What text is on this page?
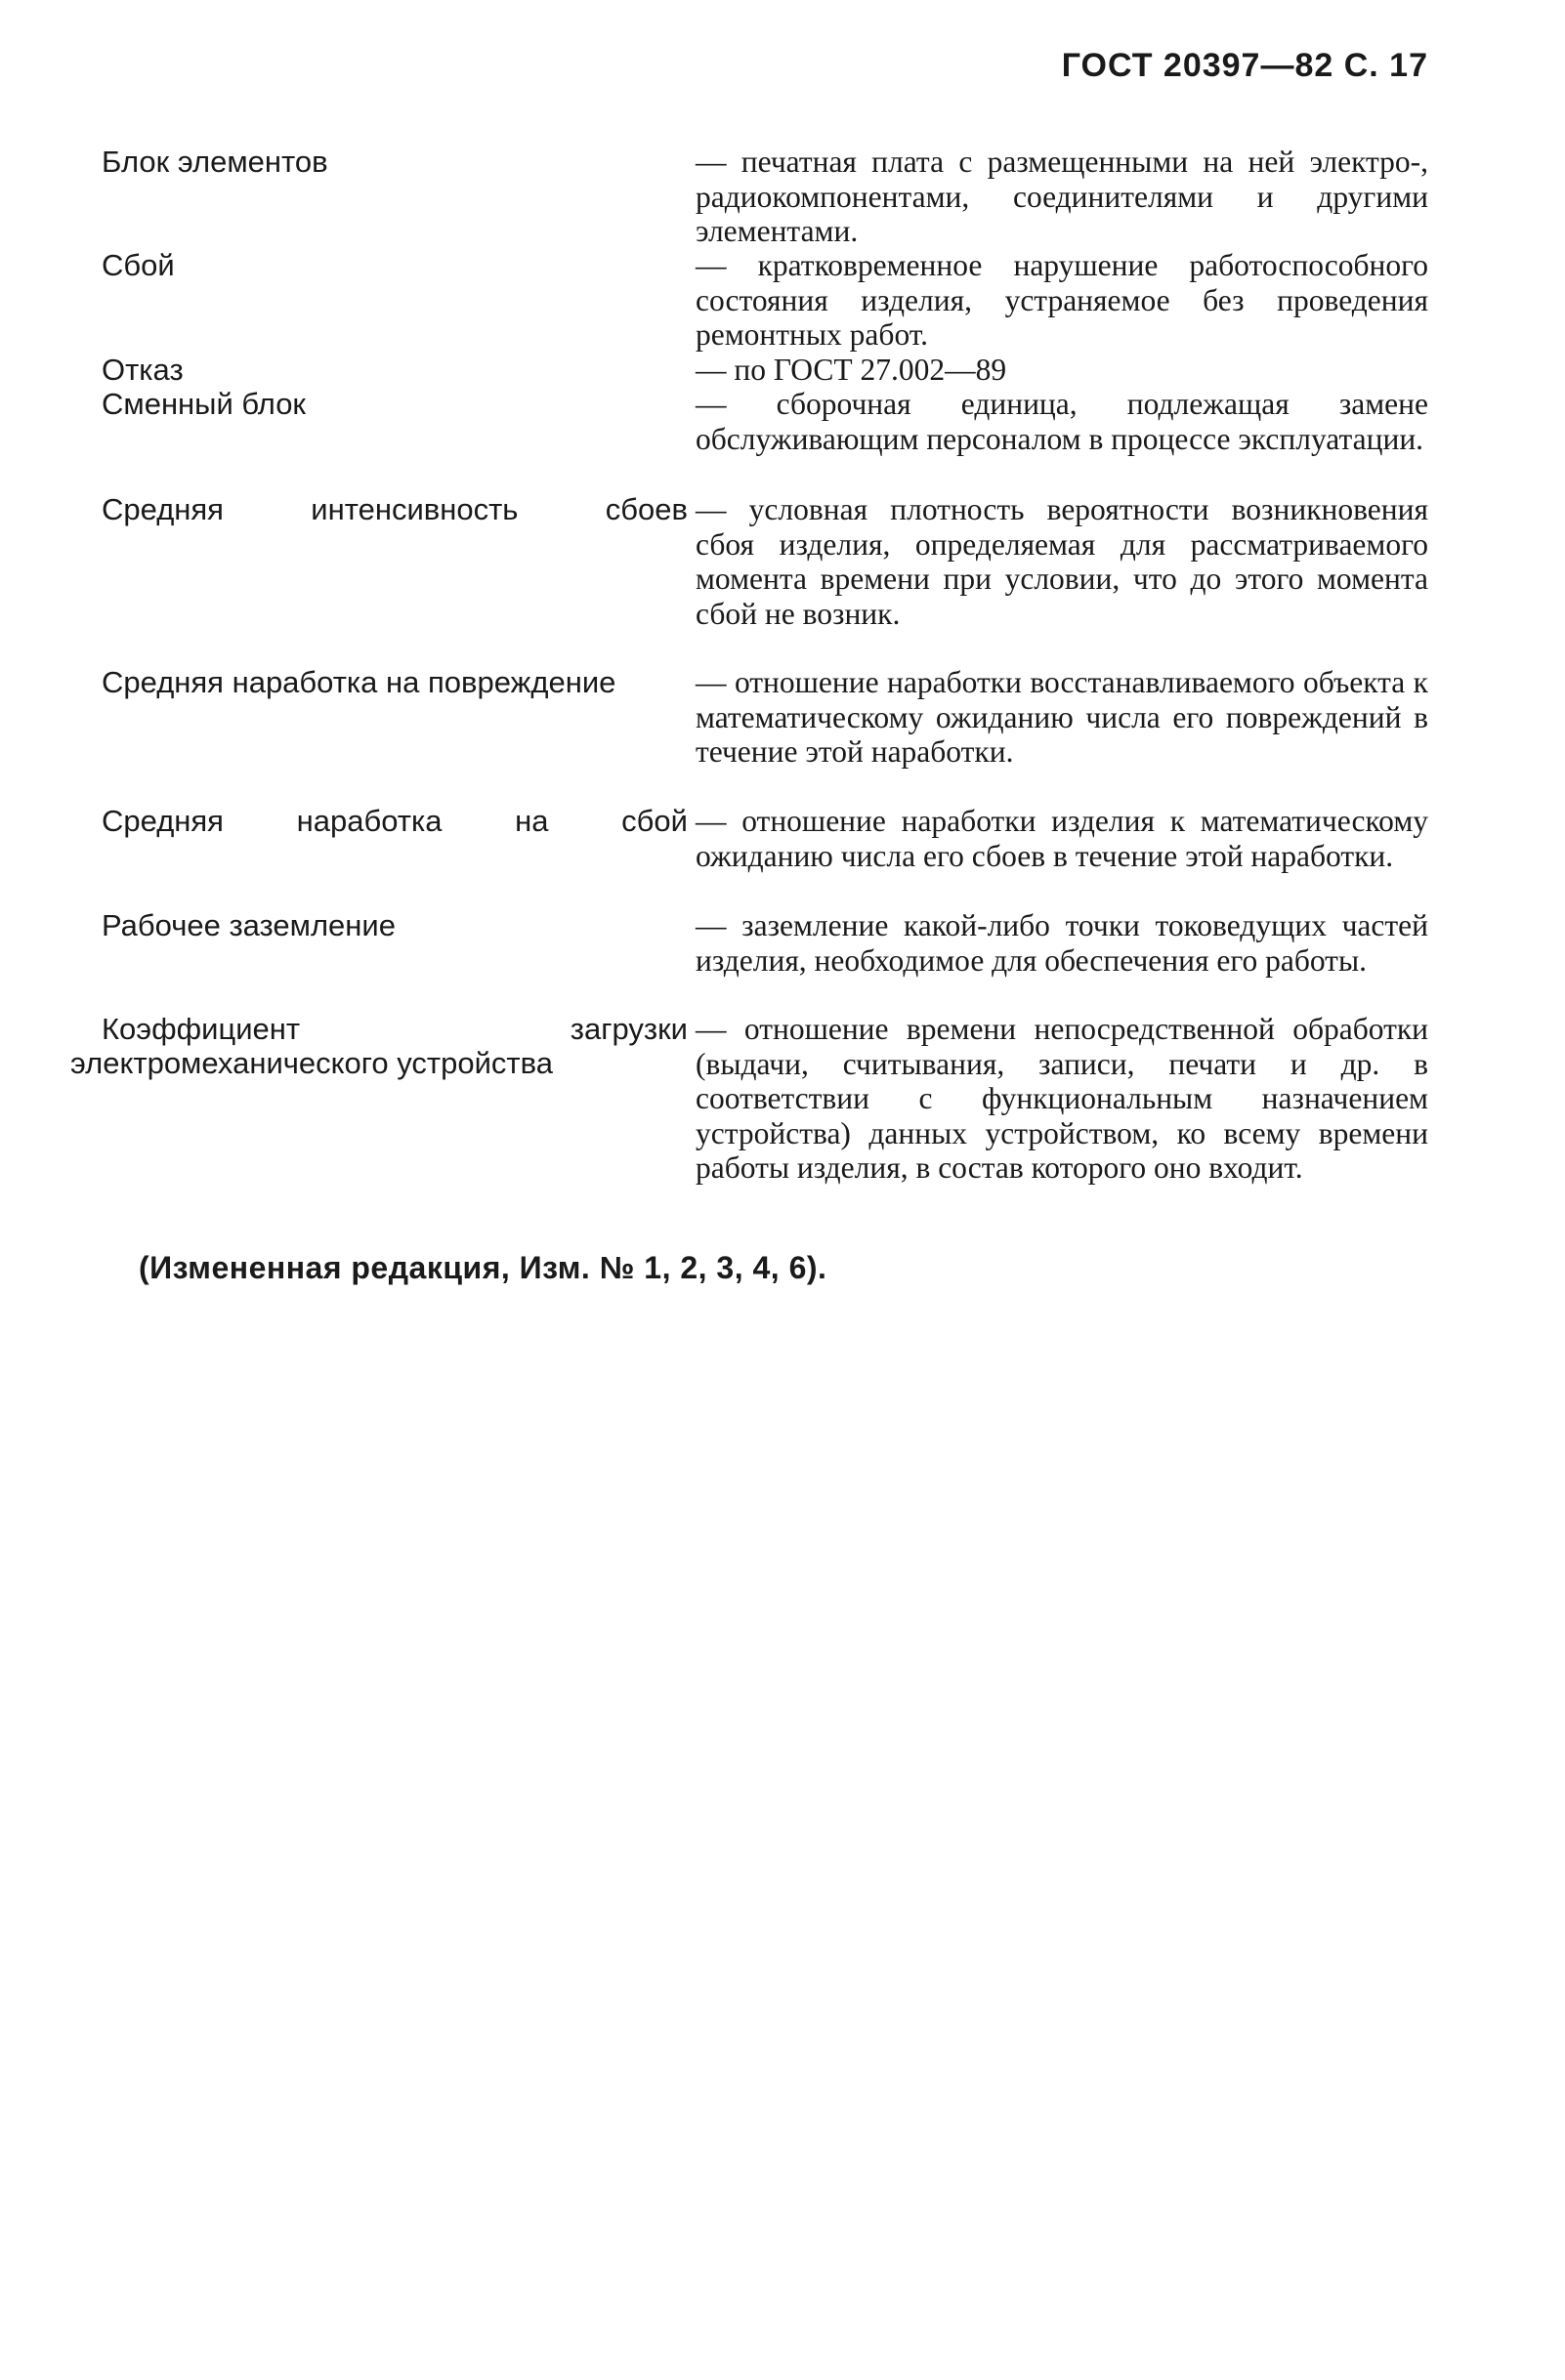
ГОСТ 20397—82 С. 17
Блок элементов	— печатная плата с размещенными на ней электро-, радиокомпонентами, соединителями и другими элементами.
Сбой	— кратковременное нарушение работоспособного состояния изделия, устраняемое без проведения ремонтных работ.
Отказ	— по ГОСТ 27.002—89
Сменный блок	— сборочная единица, подлежащая замене обслуживающим персоналом в процессе эксплуатации.
Средняя интенсивность сбоев — условная плотность вероятности возникновения сбоя изделия, определяемая для рассматриваемого момента времени при условии, что до этого момента сбой не возник.
Средняя наработка на повреждение	— отношение наработки восстанавливаемого объекта к математическому ожиданию числа его повреждений в течение этой наработки.
Средняя наработка на сбой — отношение наработки изделия к математическому ожиданию числа его сбоев в течение этой наработки.
Рабочее заземление	— заземление какой-либо точки токоведущих частей изделия, необходимое для обеспечения его работы.
Коэффициент загрузки электромеханического устройства
— отношение времени непосредственной обработки (выдачи, считывания, записи, печати и др. в соответствии с функциональным назначением устройства) данных устройством, ко всему времени работы изделия, в состав которого оно входит.
(Измененная редакция, Изм. № 1, 2, 3, 4, 6).
